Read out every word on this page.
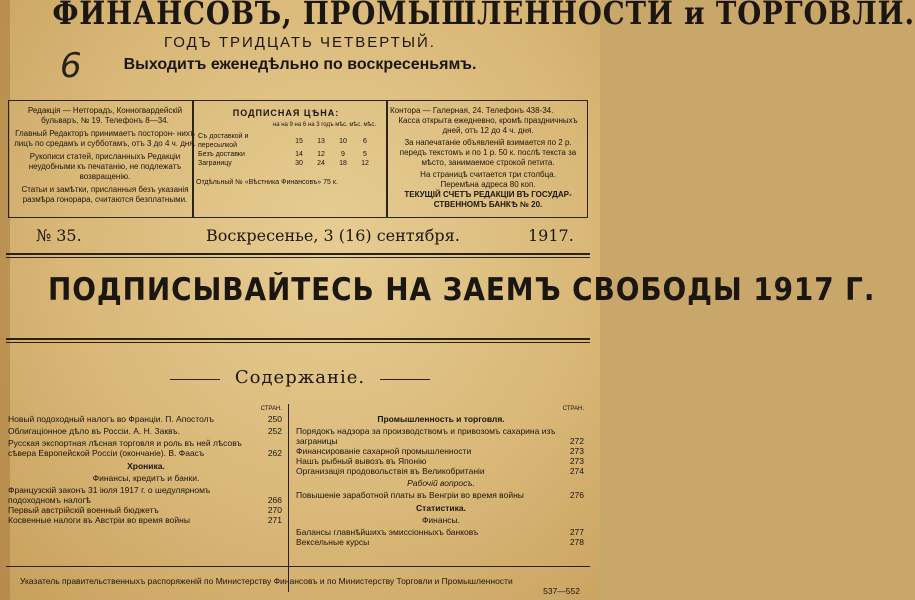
ФИНАНСОВЪ, ПРОМЫШЛЕННОСТИ и ТОРГОВЛИ.
ГОДЪ ТРИДЦАТЬ ЧЕТВЕРТЫЙ.
Выходитъ еженедѣльно по воскресеньямъ.
6
Редакція — Нетгорадъ, Конногвардейскій бульваръ, № 19. Телефонъ 8—34.
Главный Редакторъ принимаетъ посторон- нихъ лицъ по средамъ и субботамъ, отъ 3 до 4 ч. дня.
Рукописи статей, присланныхъ Редакціи неудобными къ печатанію, не подлежатъ возвращенію.
Статьи и замѣтки, присланныя безъ указанія размѣра гонорара, считаются безплатными.
ПОДПИСНАЯ ЦѢНА:
на на 9 на 6 на 3 годъ мѣс. мѣс. мѣс.
Съ доставкой и пересылкой	15	13	10	6
Безъ доставки	14	12	9	5
Заграницу	30	24	18	12
Отдѣльный № «Вѣстника Финансовъ» 75 к.
Контора — Галерная, 24. Телефонъ 438-34.
Касса открыта ежедневно, кромѣ праздничныхъ дней, отъ 12 до 4 ч. дня.
За напечатаніе объявленій взимается по 2 р. передъ текстомъ и по 1 р. 50 к. послѣ текста за мѣсто, занимаемое строкой петита.
На страницѣ считается три столбца.
Перемѣна адреса 80 коп.
ТЕКУЩІЙ СЧЕТЪ РЕДАКЦІИ ВЪ ГОСУДАР- СТВЕННОМЪ БАНКѢ № 20.
№ 35.	Воскресенье, 3 (16) сентября.	1917.
ПОДПИСЫВАЙТЕСЬ НА ЗАЕМЪ СВОБОДЫ 1917 Г.
Содержаніе.
СТРАН.
Новый подоходный налогъ во Франціи. П. Апостолъ	250
Облигаціонное дѣло въ Россіи. А. Н. Заквъ.	252
Русская экспортная лѣсная торговля и роль въ ней лѣсовъ сѣвера Европейской Россіи (окончаніе). В. Фаасъ	262
Хроника.
Финансы, кредитъ и банки.
Французскій законъ 31 іюля 1917 г. о шедулярномъ подоходномъ налогѣ	266
Первый австрійскій военный бюджетъ	270
Косвенные налоги въ Австріи во время войны	271
СТРАН.
Промышленность и торговля.
Порядокъ надзора за производствомъ и привозомъ сахарина изъ заграницы	272
Финансированіе сахарной промышленности	273
Нашъ рыбный вывозъ въ Японію	273
Организація продовольствія въ Великобританіи	274
Рабочій вопросъ.
Повышеніе заработной платы въ Венгріи во время войны	276
Статистика.
Финансы.
Балансы главнѣйшихъ эмиссіонныхъ банковъ	277
Вексельные курсы	278
Указатель правительственныхъ распоряженій по Министерству Финансовъ и по Министерству Торговли и Промышленности
537—552
